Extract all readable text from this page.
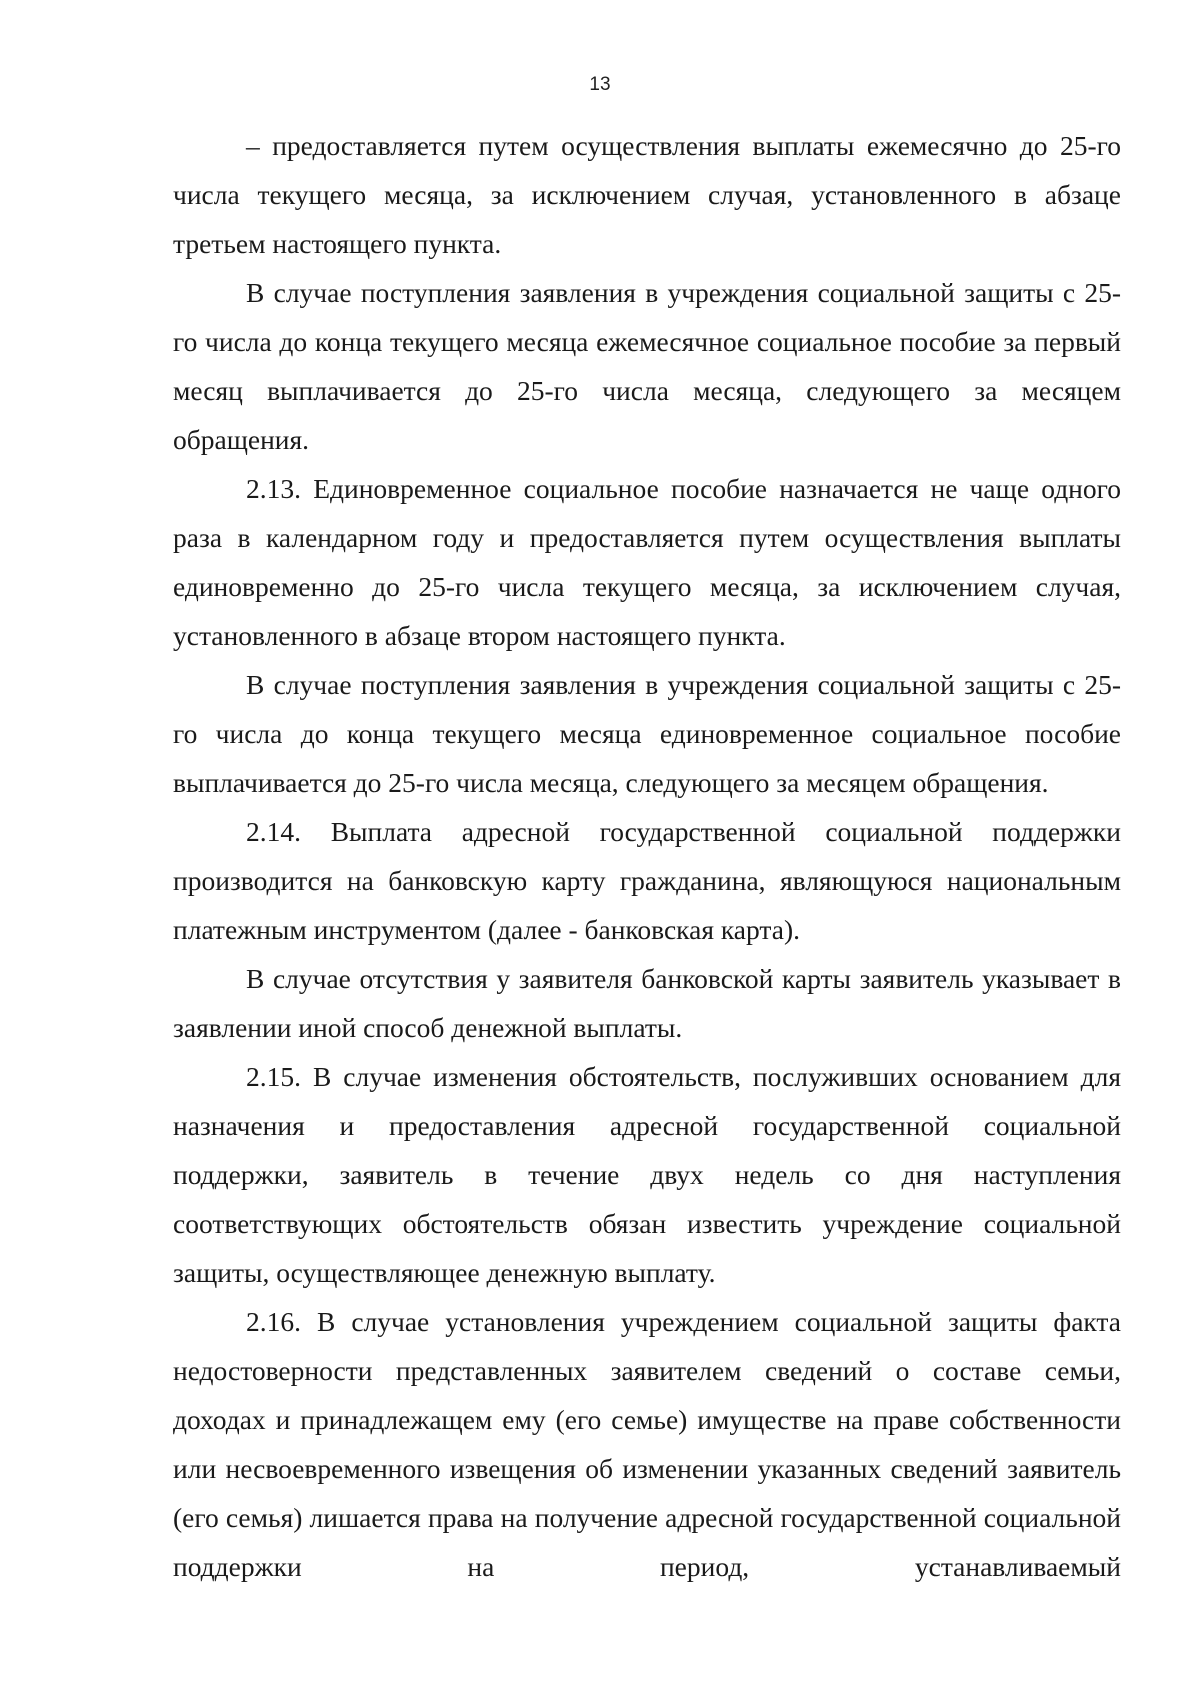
13

– предоставляется путем осуществления выплаты ежемесячно до 25-го числа текущего месяца, за исключением случая, установленного в абзаце третьем настоящего пункта.

В случае поступления заявления в учреждения социальной защиты с 25-го числа до конца текущего месяца ежемесячное социальное пособие за первый месяц выплачивается до 25-го числа месяца, следующего за месяцем обращения.

2.13. Единовременное социальное пособие назначается не чаще одного раза в календарном году и предоставляется путем осуществления выплаты единовременно до 25-го числа текущего месяца, за исключением случая, установленного в абзаце втором настоящего пункта.

В случае поступления заявления в учреждения социальной защиты с 25-го числа до конца текущего месяца единовременное социальное пособие выплачивается до 25-го числа месяца, следующего за месяцем обращения.

2.14. Выплата адресной государственной социальной поддержки производится на банковскую карту гражданина, являющуюся национальным платежным инструментом (далее - банковская карта).

В случае отсутствия у заявителя банковской карты заявитель указывает в заявлении иной способ денежной выплаты.

2.15. В случае изменения обстоятельств, послуживших основанием для назначения и предоставления адресной государственной социальной поддержки, заявитель в течение двух недель со дня наступления соответствующих обстоятельств обязан известить учреждение социальной защиты, осуществляющее денежную выплату.

2.16. В случае установления учреждением социальной защиты факта недостоверности представленных заявителем сведений о составе семьи, доходах и принадлежащем ему (его семье) имуществе на праве собственности или несвоевременного извещения об изменении указанных сведений заявитель (его семья) лишается права на получение адресной государственной социальной поддержки на период, устанавливаемый
